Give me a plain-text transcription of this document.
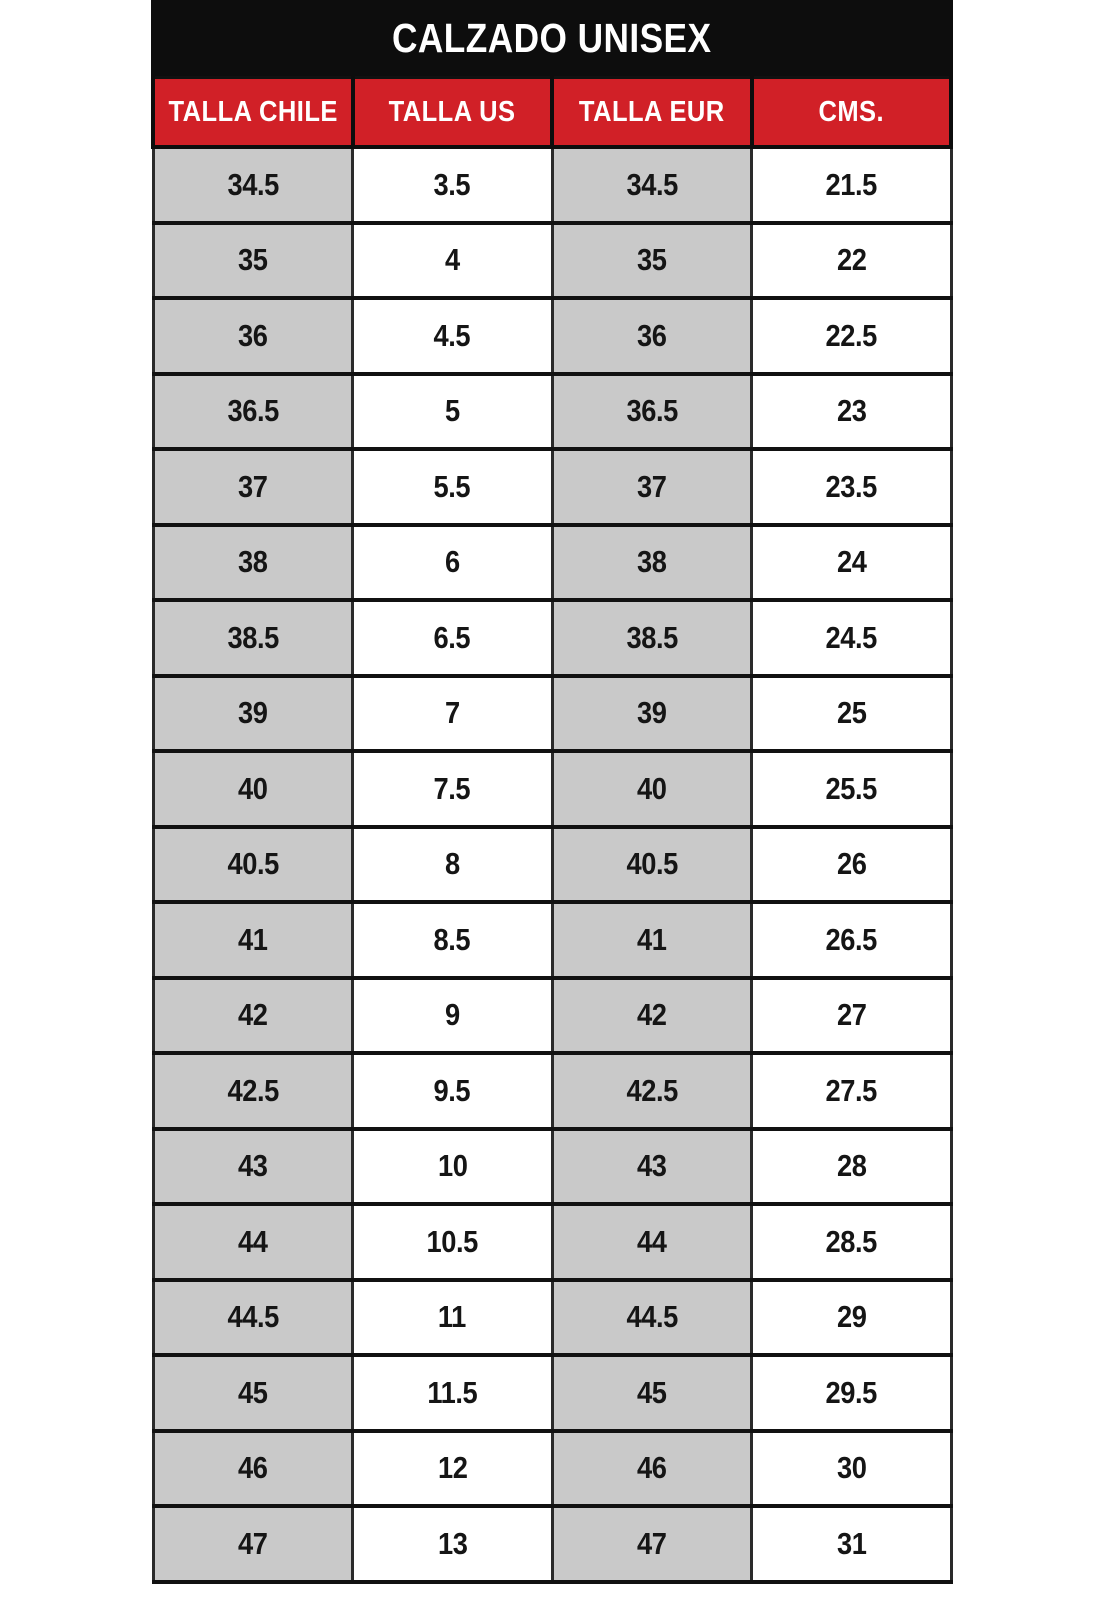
CALZADO UNISEX
TALLA CHILE	TALLA US	TALLA EUR	CMS.
34.5	3.5	34.5	21.5
35	4	35	22
36	4.5	36	22.5
36.5	5	36.5	23
37	5.5	37	23.5
38	6	38	24
38.5	6.5	38.5	24.5
39	7	39	25
40	7.5	40	25.5
40.5	8	40.5	26
41	8.5	41	26.5
42	9	42	27
42.5	9.5	42.5	27.5
43	10	43	28
44	10.5	44	28.5
44.5	11	44.5	29
45	11.5	45	29.5
46	12	46	30
47	13	47	31
